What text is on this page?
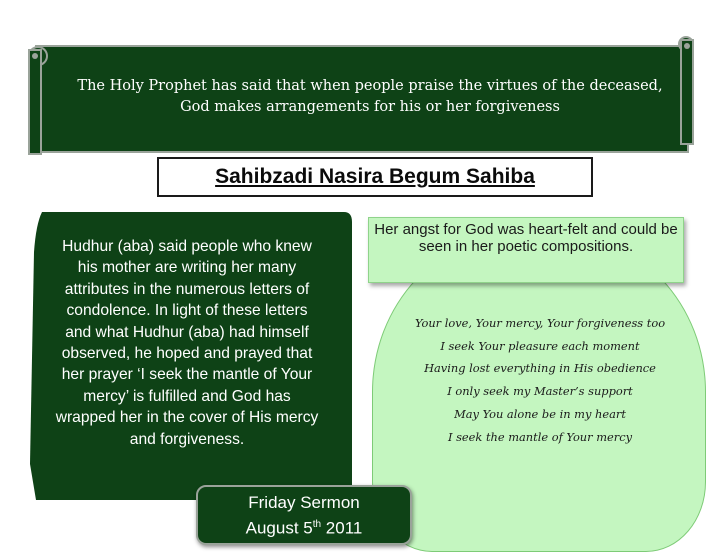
The Holy Prophet has said that when people praise the virtues of the deceased, God makes arrangements for his or her forgiveness
Sahibzadi Nasira Begum Sahiba
Hudhur (aba) said people who knew his mother are writing her many attributes in the numerous letters of condolence. In light of these letters and what Hudhur (aba) had himself observed, he hoped and prayed that her prayer ‘I seek the mantle of Your mercy’ is fulfilled and God has wrapped her in the cover of His mercy and forgiveness.
Your love, Your mercy, Your forgiveness too
I seek Your pleasure each moment
Having lost everything in His obedience
I only seek my Master’s support
May You alone be in my heart
I seek the mantle of Your mercy
Her angst for God was heart-felt and could be seen in her poetic compositions.
Friday Sermon
August 5th 2011
